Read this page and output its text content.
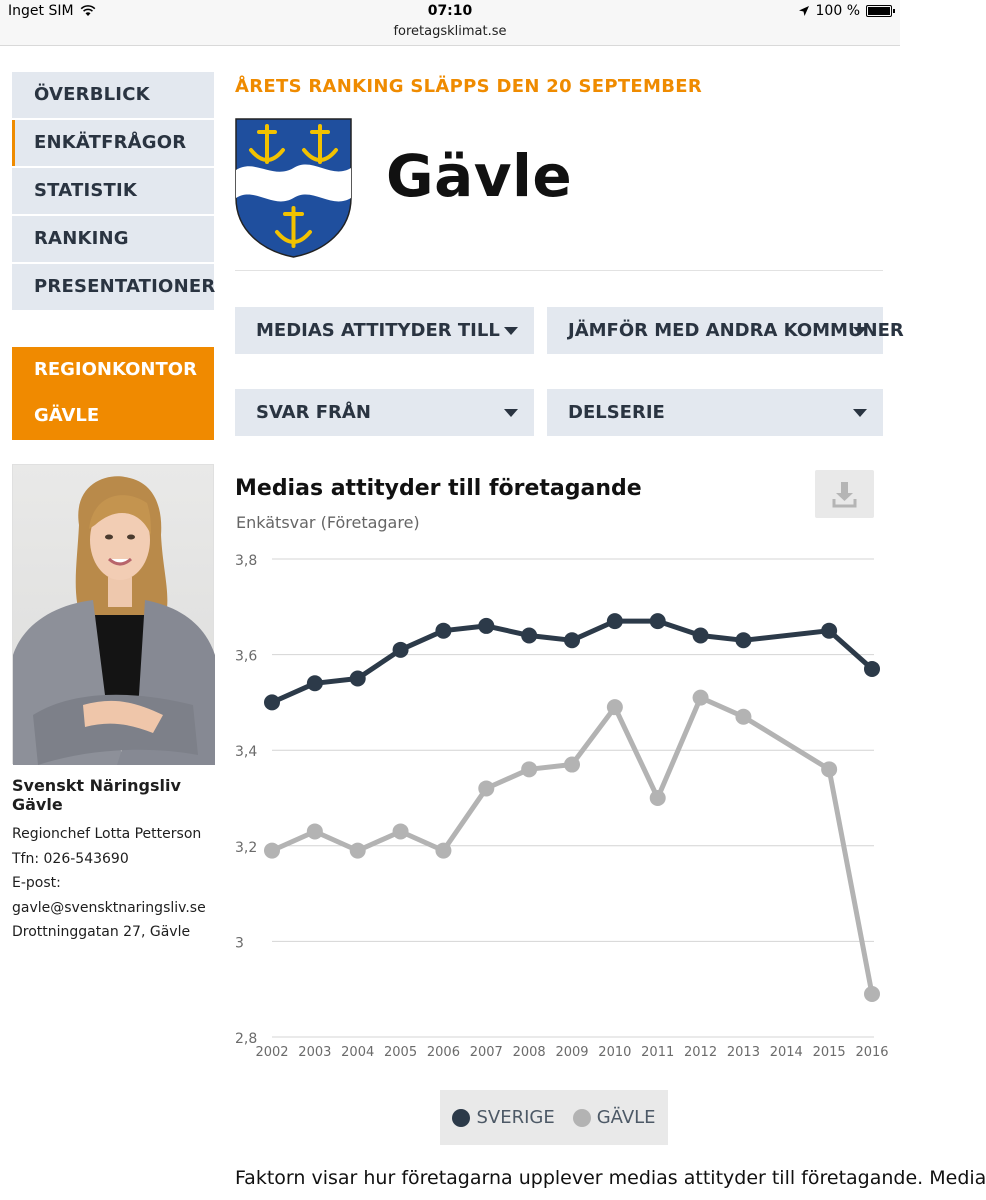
Inget SIM	07:10
foretagsklimat.se
100 %
ÖVERBLICK
ENKÄTFRÅGOR
STATISTIK
RANKING
PRESENTATIONER
REGIONKONTOR
GÄVLE
Svenskt Näringsliv Gävle
Regionchef Lotta Petterson
Tfn: 026-543690
E-post:
gavle@svensktnaringsliv.se
Drottninggatan 27, Gävle
ÅRETS RANKING SLÄPPS DEN 20 SEPTEMBER
Gävle
MEDIAS ATTITYDER TILL	JÄMFÖR MED ANDRA KOMMUNER
SVAR FRÅN	DELSERIE
Medias attityder till företagande
Enkätsvar (Företagare)
2,8
3
3,2
3,4
3,6
3,8
2002 2003 2004 2005 2006 2007 2008 2009 2010 2011 2012 2013 2014 2015 2016
SVERIGE GÄVLE
Faktorn visar hur företagarna upplever medias attityder till företagande. Media
